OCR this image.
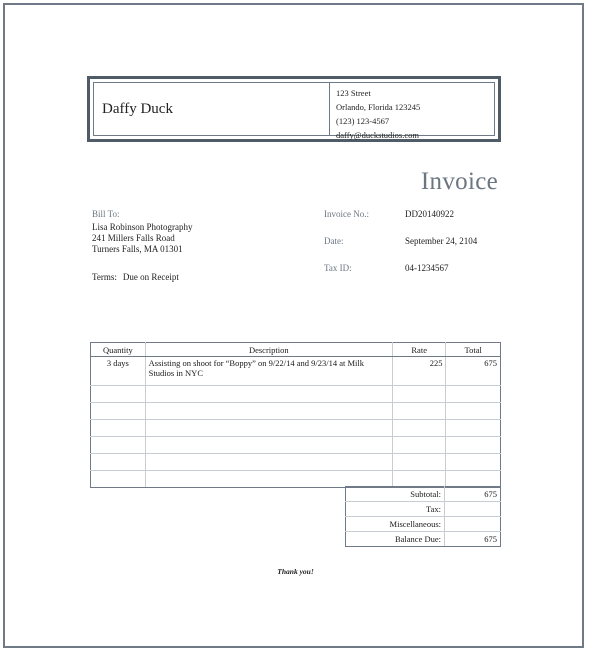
Daffy Duck
123 Street
Orlando, Florida 123245
(123) 123-4567
daffy@duckstudios.com
Invoice
Bill To:
Lisa Robinson Photography
241 Millers Falls Road
Turners Falls, MA 01301
Terms: Due on Receipt
Invoice No.:	DD20140922
Date:	September 24, 2104
Tax ID:	04-1234567
Quantity	Description	Rate	Total
3 days	Assisting on shoot for “Boppy” on 9/22/14 and 9/23/14 at Milk Studios in NYC	225	675

Subtotal:	675
Tax:	
Miscellaneous:	
Balance Due:	675
Thank you!
